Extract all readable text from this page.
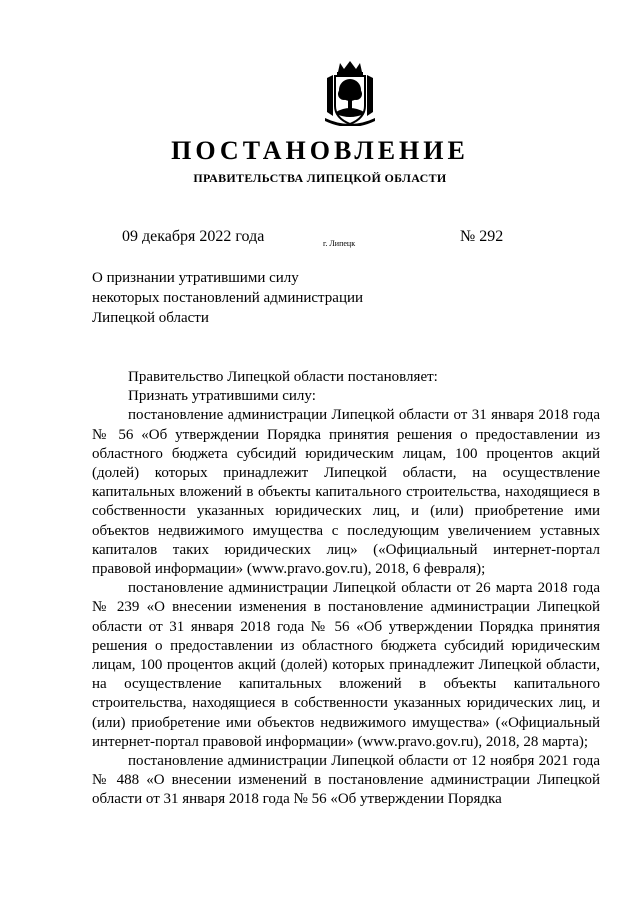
ПОСТАНОВЛЕНИЕ
ПРАВИТЕЛЬСТВА ЛИПЕЦКОЙ ОБЛАСТИ
09 декабря 2022 года	г. Липецк	№ 292
О признании утратившими силу
некоторых постановлений администрации
Липецкой области

Правительство Липецкой области постановляет:

Признать утратившими силу:

постановление администрации Липецкой области от 31 января 2018 года № 56 «Об утверждении Порядка принятия решения о предоставлении из областного бюджета субсидий юридическим лицам, 100 процентов акций (долей) которых принадлежит Липецкой области, на осуществление капитальных вложений в объекты капитального строительства, находящиеся в собственности указанных юридических лиц, и (или) приобретение ими объектов недвижимого имущества с последующим увеличением уставных капиталов таких юридических лиц» («Официальный интернет-портал правовой информации» (www.pravo.gov.ru), 2018, 6 февраля);

постановление администрации Липецкой области от 26 марта 2018 года № 239 «О внесении изменения в постановление администрации Липецкой области от 31 января 2018 года № 56 «Об утверждении Порядка принятия решения о предоставлении из областного бюджета субсидий юридическим лицам, 100 процентов акций (долей) которых принадлежит Липецкой области, на осуществление капитальных вложений в объекты капитального строительства, находящиеся в собственности указанных юридических лиц, и (или) приобретение ими объектов недвижимого имущества» («Официальный интернет-портал правовой информации» (www.pravo.gov.ru), 2018, 28 марта);

постановление администрации Липецкой области от 12 ноября 2021 года № 488 «О внесении изменений в постановление администрации Липецкой области от 31 января 2018 года № 56 «Об утверждении Порядка
